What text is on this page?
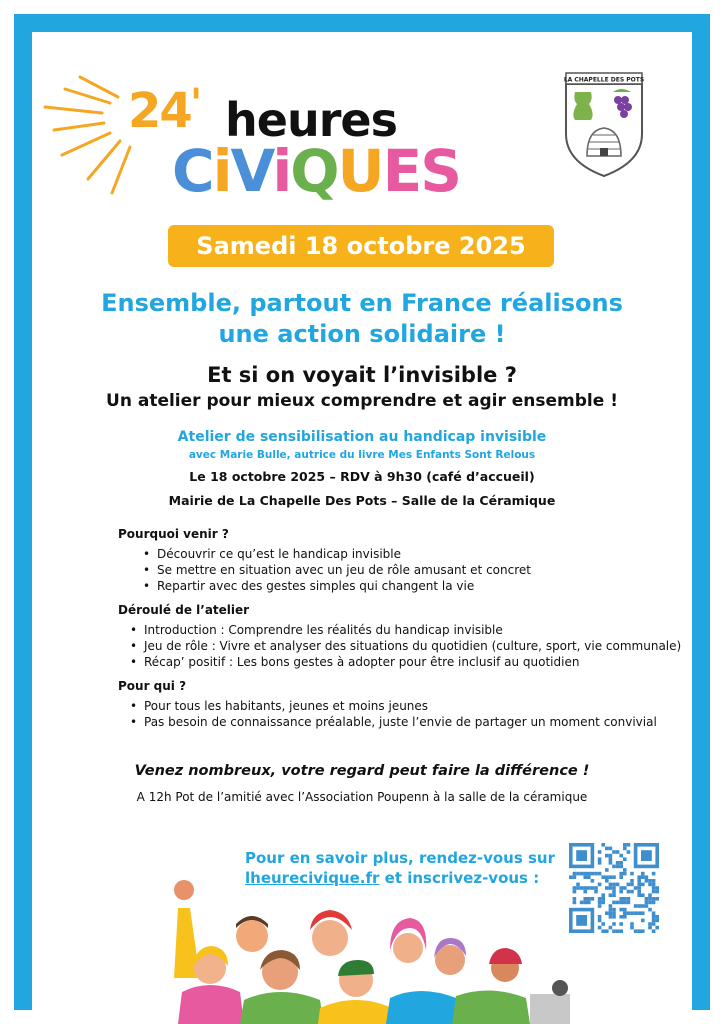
24 ' heures
CiViQUES
LA CHAPELLE DES POTS
Samedi 18 octobre 2025
Ensemble, partout en France réalisons
une action solidaire !
Et si on voyait l’invisible ?
Un atelier pour mieux comprendre et agir ensemble !
Atelier de sensibilisation au handicap invisible
avec Marie Bulle, autrice du livre Mes Enfants Sont Relous
Le 18 octobre 2025 – RDV à 9h30 (café d’accueil)
Mairie de La Chapelle Des Pots – Salle de la Céramique
Pourquoi venir ?
• Découvrir ce qu’est le handicap invisible
• Se mettre en situation avec un jeu de rôle amusant et concret
• Repartir avec des gestes simples qui changent la vie
Déroulé de l’atelier
• Introduction : Comprendre les réalités du handicap invisible
• Jeu de rôle : Vivre et analyser des situations du quotidien (culture, sport, vie communale)
• Récap’ positif : Les bons gestes à adopter pour être inclusif au quotidien
Pour qui ?
• Pour tous les habitants, jeunes et moins jeunes
• Pas besoin de connaissance préalable, juste l’envie de partager un moment convivial
Venez nombreux, votre regard peut faire la différence !
A 12h Pot de l’amitié avec l’Association Poupenn à la salle de la céramique
Pour en savoir plus, rendez-vous sur
lheurecivique.fr et inscrivez-vous :
